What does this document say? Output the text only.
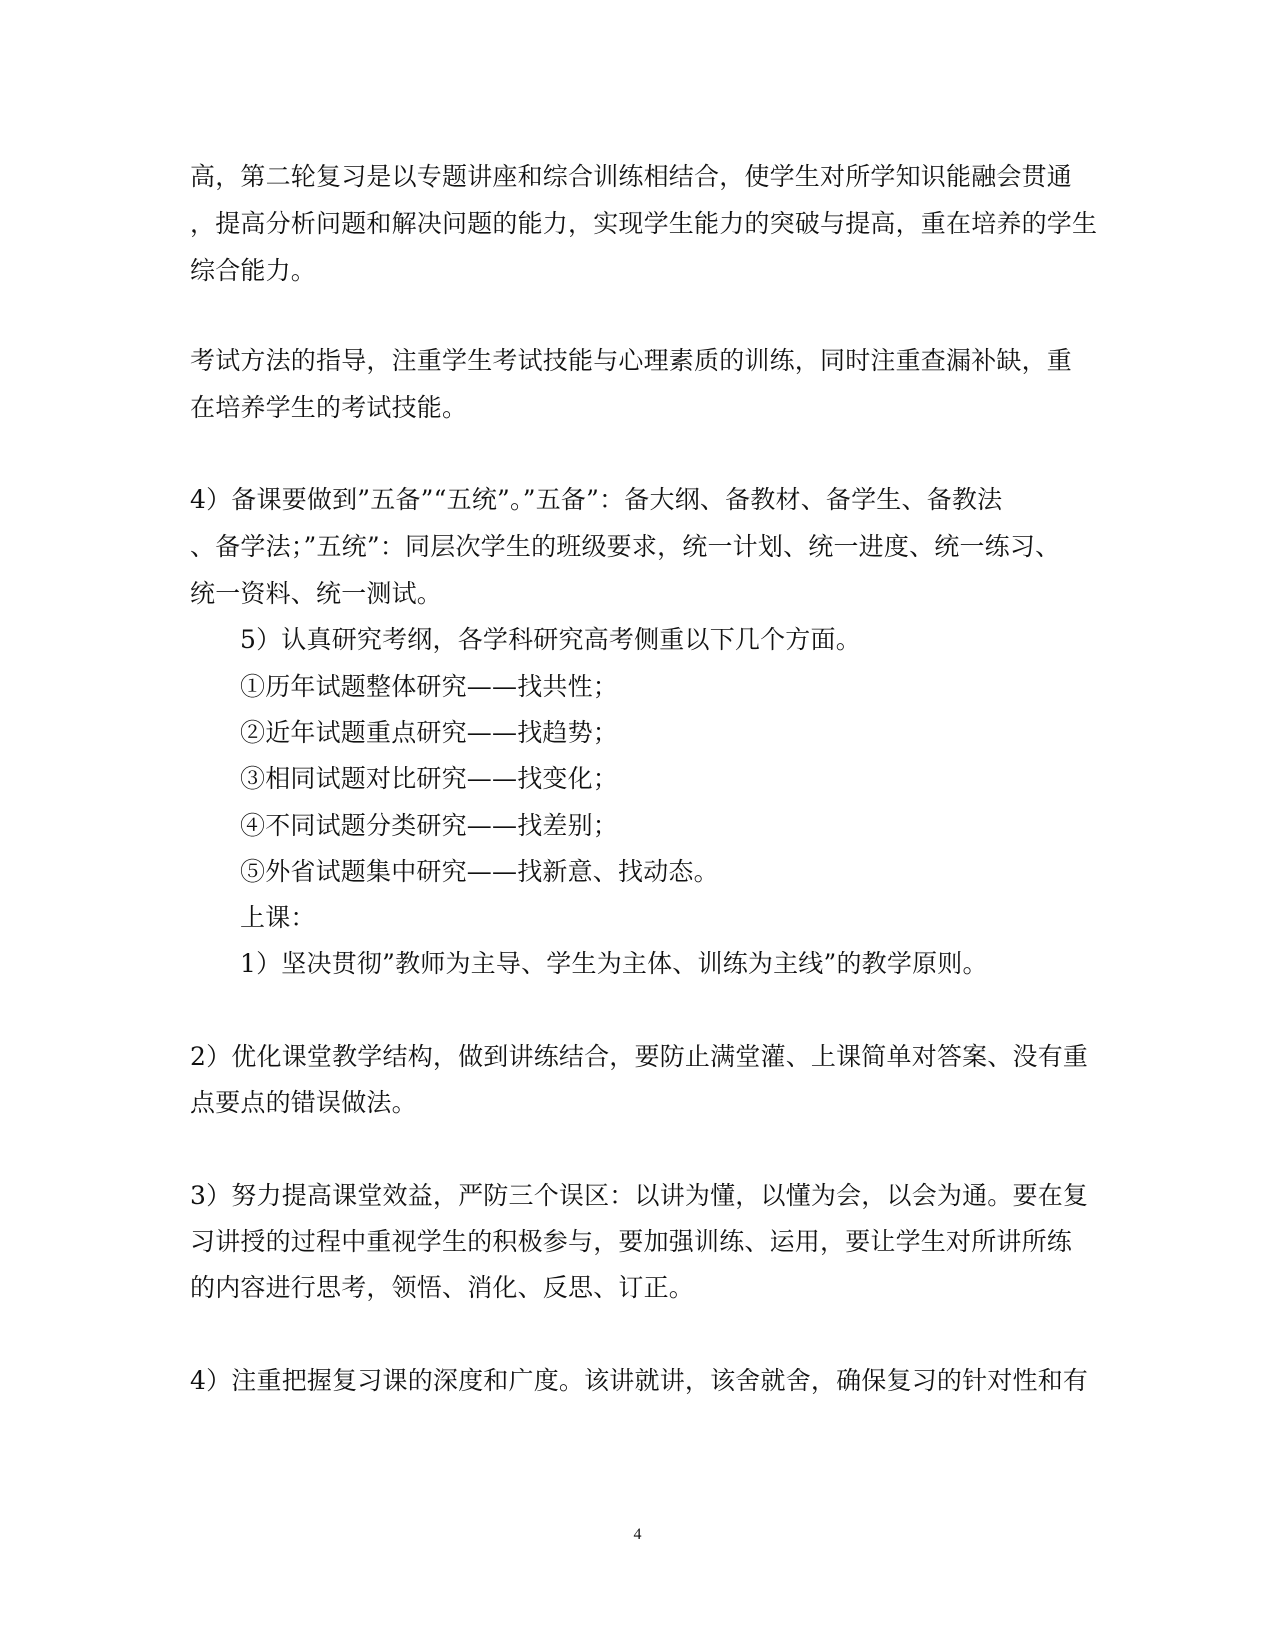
高，第二轮复习是以专题讲座和综合训练相结合，使学生对所学知识能融会贯通
，提高分析问题和解决问题的能力，实现学生能力的突破与提高，重在培养的学生
综合能力。
考试方法的指导，注重学生考试技能与心理素质的训练，同时注重查漏补缺，重
在培养学生的考试技能。
4）备课要做到”五备”“五统”。”五备”：备大纲、备教材、备学生、备教法
、备学法；”五统”：同层次学生的班级要求，统一计划、统一进度、统一练习、
统一资料、统一测试。
5）认真研究考纲，各学科研究高考侧重以下几个方面。
①历年试题整体研究——找共性；
②近年试题重点研究——找趋势；
③相同试题对比研究——找变化；
④不同试题分类研究——找差别；
⑤外省试题集中研究——找新意、找动态。
上课：
1）坚决贯彻”教师为主导、学生为主体、训练为主线”的教学原则。
2）优化课堂教学结构，做到讲练结合，要防止满堂灌、上课简单对答案、没有重
点要点的错误做法。
3）努力提高课堂效益，严防三个误区：以讲为懂，以懂为会，以会为通。要在复
习讲授的过程中重视学生的积极参与，要加强训练、运用，要让学生对所讲所练
的内容进行思考，领悟、消化、反思、订正。
4）注重把握复习课的深度和广度。该讲就讲，该舍就舍，确保复习的针对性和有
4
